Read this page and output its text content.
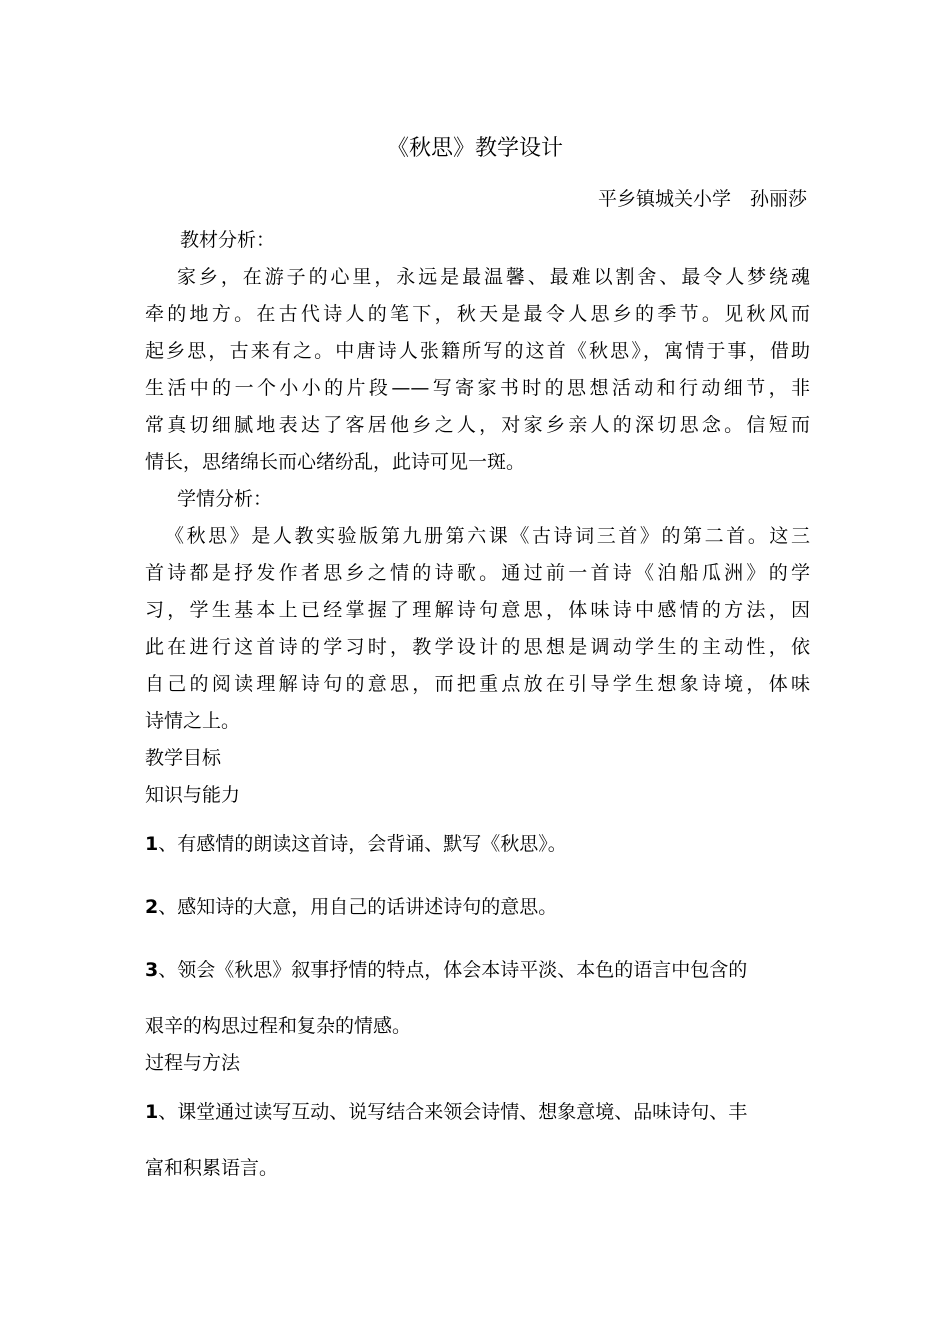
《秋思》教学设计
平乡镇城关小学　孙丽莎
教材分析：
家乡，在游子的心里，永远是最温馨、最难以割舍、最令人梦绕魂
牵的地方。在古代诗人的笔下，秋天是最令人思乡的季节。见秋风而
起乡思，古来有之。中唐诗人张籍所写的这首《秋思》，寓情于事，借助
生活中的一个小小的片段——写寄家书时的思想活动和行动细节，非
常真切细腻地表达了客居他乡之人，对家乡亲人的深切思念。信短而
情长，思绪绵长而心绪纷乱，此诗可见一斑。
学情分析：
《秋思》是人教实验版第九册第六课《古诗词三首》的第二首。这三
首诗都是抒发作者思乡之情的诗歌。通过前一首诗《泊船瓜洲》的学
习，学生基本上已经掌握了理解诗句意思，体味诗中感情的方法，因
此在进行这首诗的学习时，教学设计的思想是调动学生的主动性，依
自己的阅读理解诗句的意思，而把重点放在引导学生想象诗境，体味
诗情之上。
教学目标
知识与能力
1、有感情的朗读这首诗，会背诵、默写《秋思》。
2、感知诗的大意，用自己的话讲述诗句的意思。
3、领会《秋思》叙事抒情的特点，体会本诗平淡、本色的语言中包含的
艰辛的构思过程和复杂的情感。
过程与方法
1、课堂通过读写互动、说写结合来领会诗情、想象意境、品味诗句、丰
富和积累语言。
